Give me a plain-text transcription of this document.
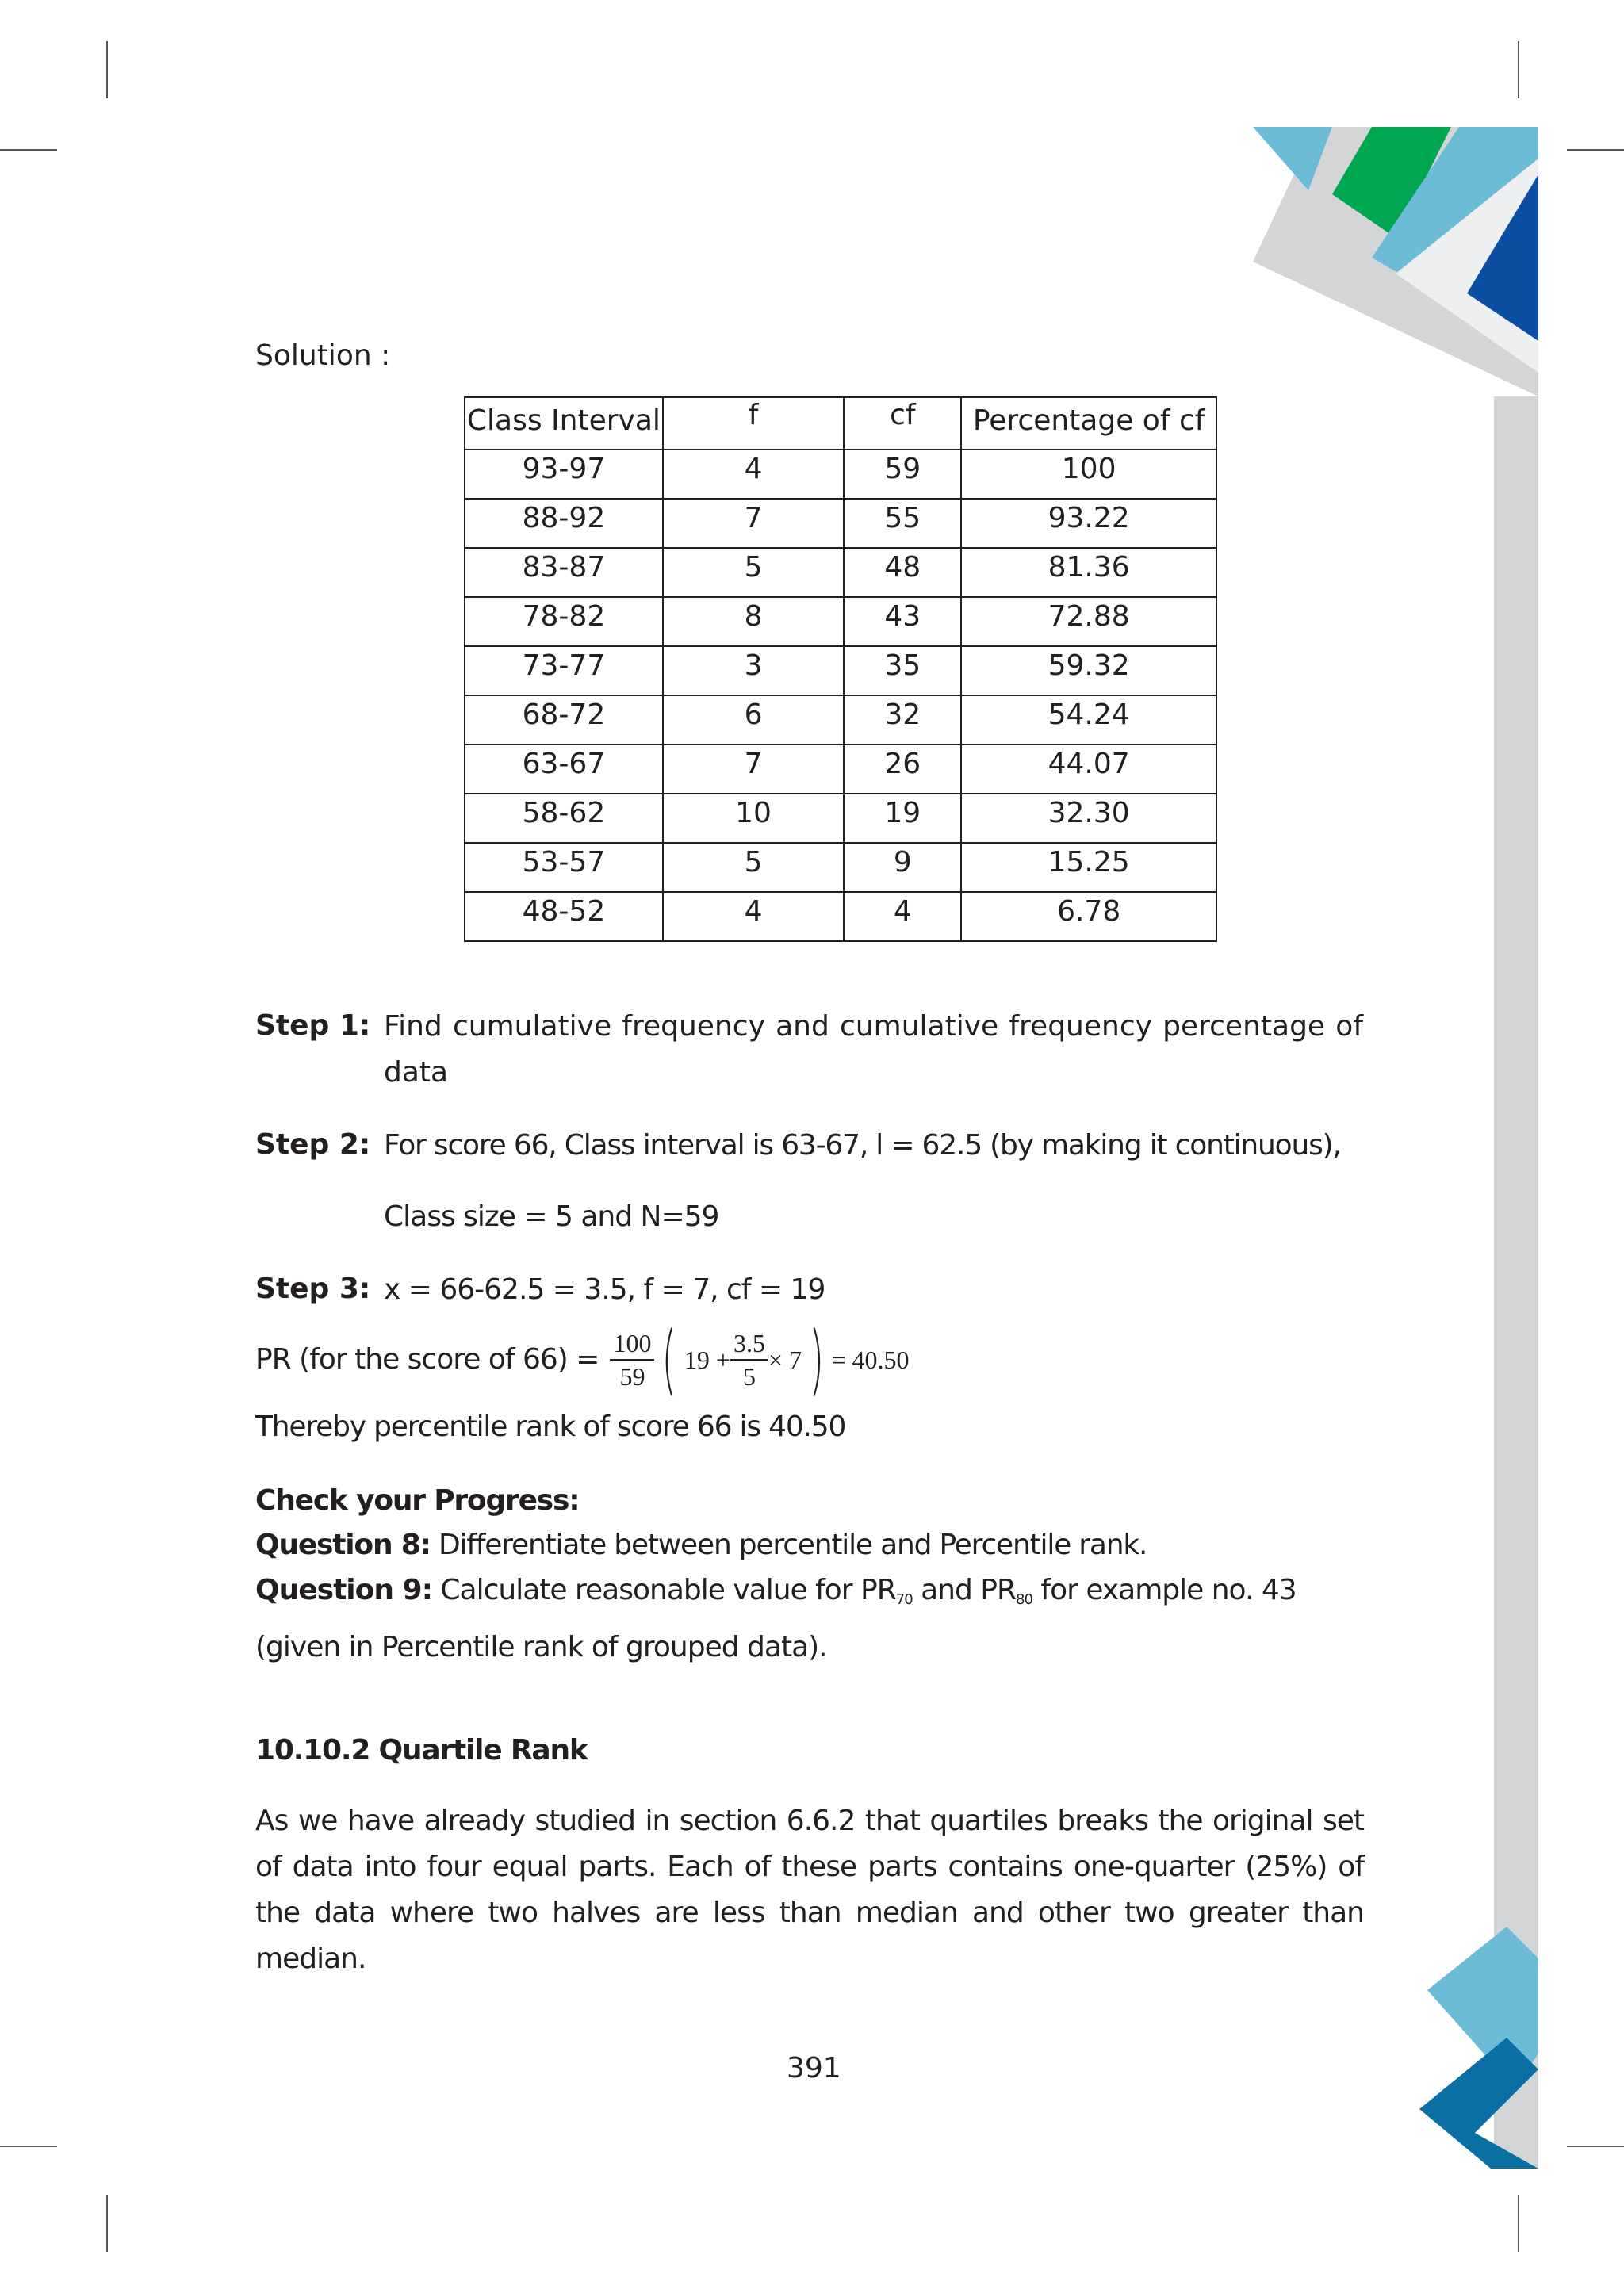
Solution :
Class Interval	f	cf	Percentage of cf
93-97	4	59	100
88-92	7	55	93.22
83-87	5	48	81.36
78-82	8	43	72.88
73-77	3	35	59.32
68-72	6	32	54.24
63-67	7	26	44.07
58-62	10	19	32.30
53-57	5	9	15.25
48-52	4	4	6.78
Step 1: Find cumulative frequency and cumulative frequency percentage of data
Step 2: For score 66, Class interval is 63-67, l = 62.5 (by making it continuous),
Class size = 5 and N=59
Step 3: x = 66-62.5 = 3.5, f = 7, cf = 19
PR (for the score of $66) = \frac{100}{59}$ ( $19 + \frac{3.5}{5} \times 7$ ) = 40.50
Thereby percentile rank of score 66 is 40.50
Check your Progress:
Question 8: Differentiate between percentile and Percentile rank.
Question 9: Calculate reasonable value for $PR_{70}$ and $PR_{80}$ for example no. 43 (given in Percentile rank of grouped data).
10.10.2 Quartile Rank
As we have already studied in section 6.6.2 that quartiles breaks the original set of data into four equal parts. Each of these parts contains one-quarter (25%) of the data where two halves are less than median and other two greater than median.
391
